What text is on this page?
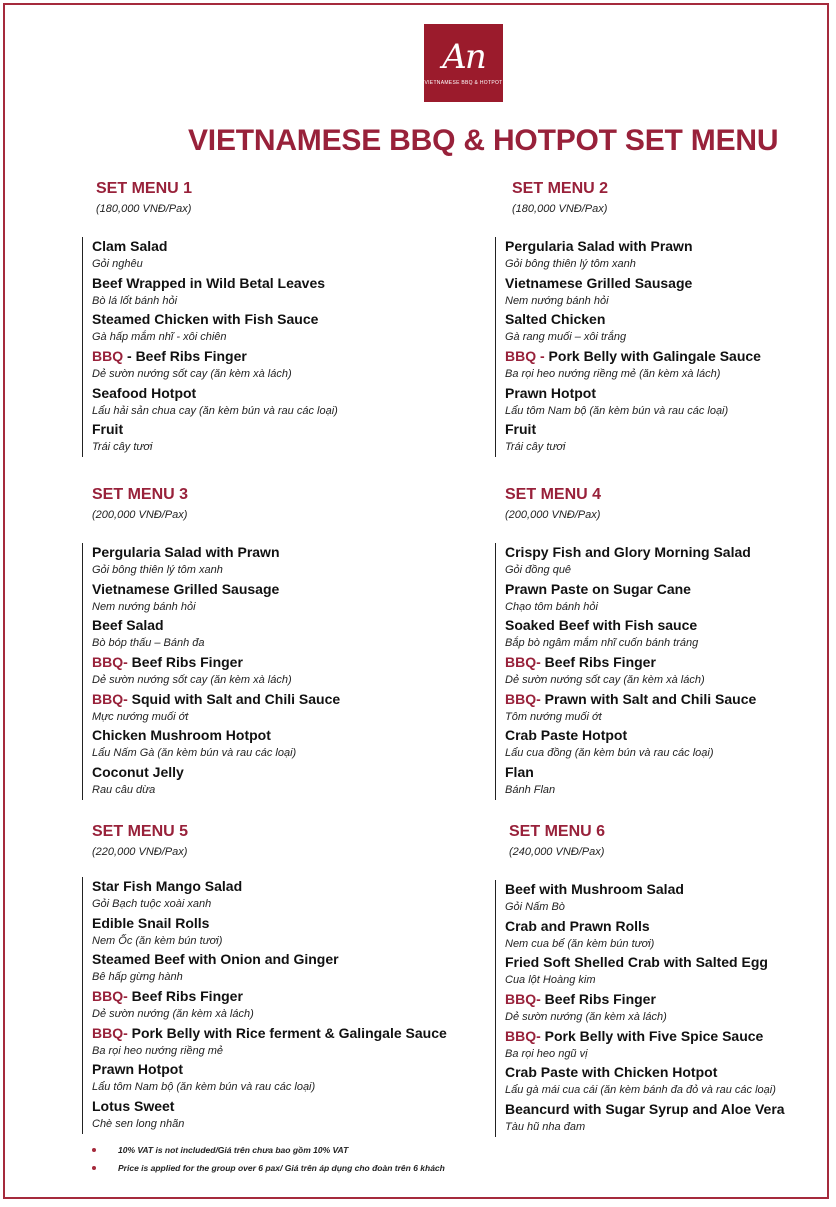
An
VIETNAMESE BBQ & HOTPOT
VIETNAMESE BBQ & HOTPOT SET MENU
SET MENU 1
(180,000 VNĐ/Pax)
SET MENU 2
(180,000 VNĐ/Pax)
SET MENU 3
(200,000 VNĐ/Pax)
SET MENU 4
(200,000 VNĐ/Pax)
SET MENU 5
(220,000 VNĐ/Pax)
SET MENU 6
(240,000 VNĐ/Pax)
Clam Salad
Gỏi nghêu
Beef Wrapped in Wild Betal Leaves
Bò lá lốt bánh hỏi
Steamed Chicken with Fish Sauce
Gà hấp mắm nhĩ - xôi chiên
BBQ - Beef Ribs Finger
Dẻ sườn nướng sốt cay (ăn kèm xà lách)
Seafood Hotpot
Lẩu hải sản chua cay (ăn kèm bún và rau các loại)
Fruit
Trái cây tươi
Pergularia Salad with Prawn
Gỏi bông thiên lý tôm xanh
Vietnamese Grilled Sausage
Nem nướng bánh hỏi
Salted Chicken
Gà rang muối – xôi trắng
BBQ - Pork Belly with Galingale Sauce
Ba rọi heo nướng riềng mẻ (ăn kèm xà lách)
Prawn Hotpot
Lẩu tôm Nam bộ (ăn kèm bún và rau các loại)
Fruit
Trái cây tươi
Pergularia Salad with Prawn
Gỏi bông thiên lý tôm xanh
Vietnamese Grilled Sausage
Nem nướng bánh hỏi
Beef Salad
Bò bóp thấu – Bánh đa
BBQ- Beef Ribs Finger
Dẻ sườn nướng sốt cay (ăn kèm xà lách)
BBQ- Squid with Salt and Chili Sauce
Mực nướng muối ớt
Chicken Mushroom Hotpot
Lẩu Nấm Gà (ăn kèm bún và rau các loại)
Coconut Jelly
Rau câu dừa
Crispy Fish and Glory Morning Salad
Gỏi đồng quê
Prawn Paste on Sugar Cane
Chạo tôm bánh hỏi
Soaked Beef with Fish sauce
Bắp bò ngâm mắm nhĩ cuốn bánh tráng
BBQ- Beef Ribs Finger
Dẻ sườn nướng sốt cay (ăn kèm xà lách)
BBQ- Prawn with Salt and Chili Sauce
Tôm nướng muối ớt
Crab Paste Hotpot
Lẩu cua đồng (ăn kèm bún và rau các loại)
Flan
Bánh Flan
Star Fish Mango Salad
Gỏi Bạch tuộc xoài xanh
Edible Snail Rolls
Nem Ốc (ăn kèm bún tươi)
Steamed Beef with Onion and Ginger
Bê hấp gừng hành
BBQ- Beef Ribs Finger
Dẻ sườn nướng (ăn kèm xà lách)
BBQ- Pork Belly with Rice ferment & Galingale Sauce
Ba rọi heo nướng riềng mẻ
Prawn Hotpot
Lẩu tôm Nam bộ (ăn kèm bún và rau các loại)
Lotus Sweet
Chè sen long nhãn
Beef with Mushroom Salad
Gỏi Nấm Bò
Crab and Prawn Rolls
Nem cua bể (ăn kèm bún tươi)
Fried Soft Shelled Crab with Salted Egg
Cua lột Hoàng kim
BBQ- Beef Ribs Finger
Dẻ sườn nướng (ăn kèm xà lách)
BBQ- Pork Belly with Five Spice Sauce
Ba rọi heo ngũ vị
Crab Paste with Chicken Hotpot
Lẩu gà mái cua cái (ăn kèm bánh đa đỏ và rau các loại)
Beancurd with Sugar Syrup and Aloe Vera
Tàu hũ nha đam
10% VAT is not included/Giá trên chưa bao gồm 10% VAT
Price is applied for the group over 6 pax/ Giá trên áp dụng cho đoàn trên 6 khách
